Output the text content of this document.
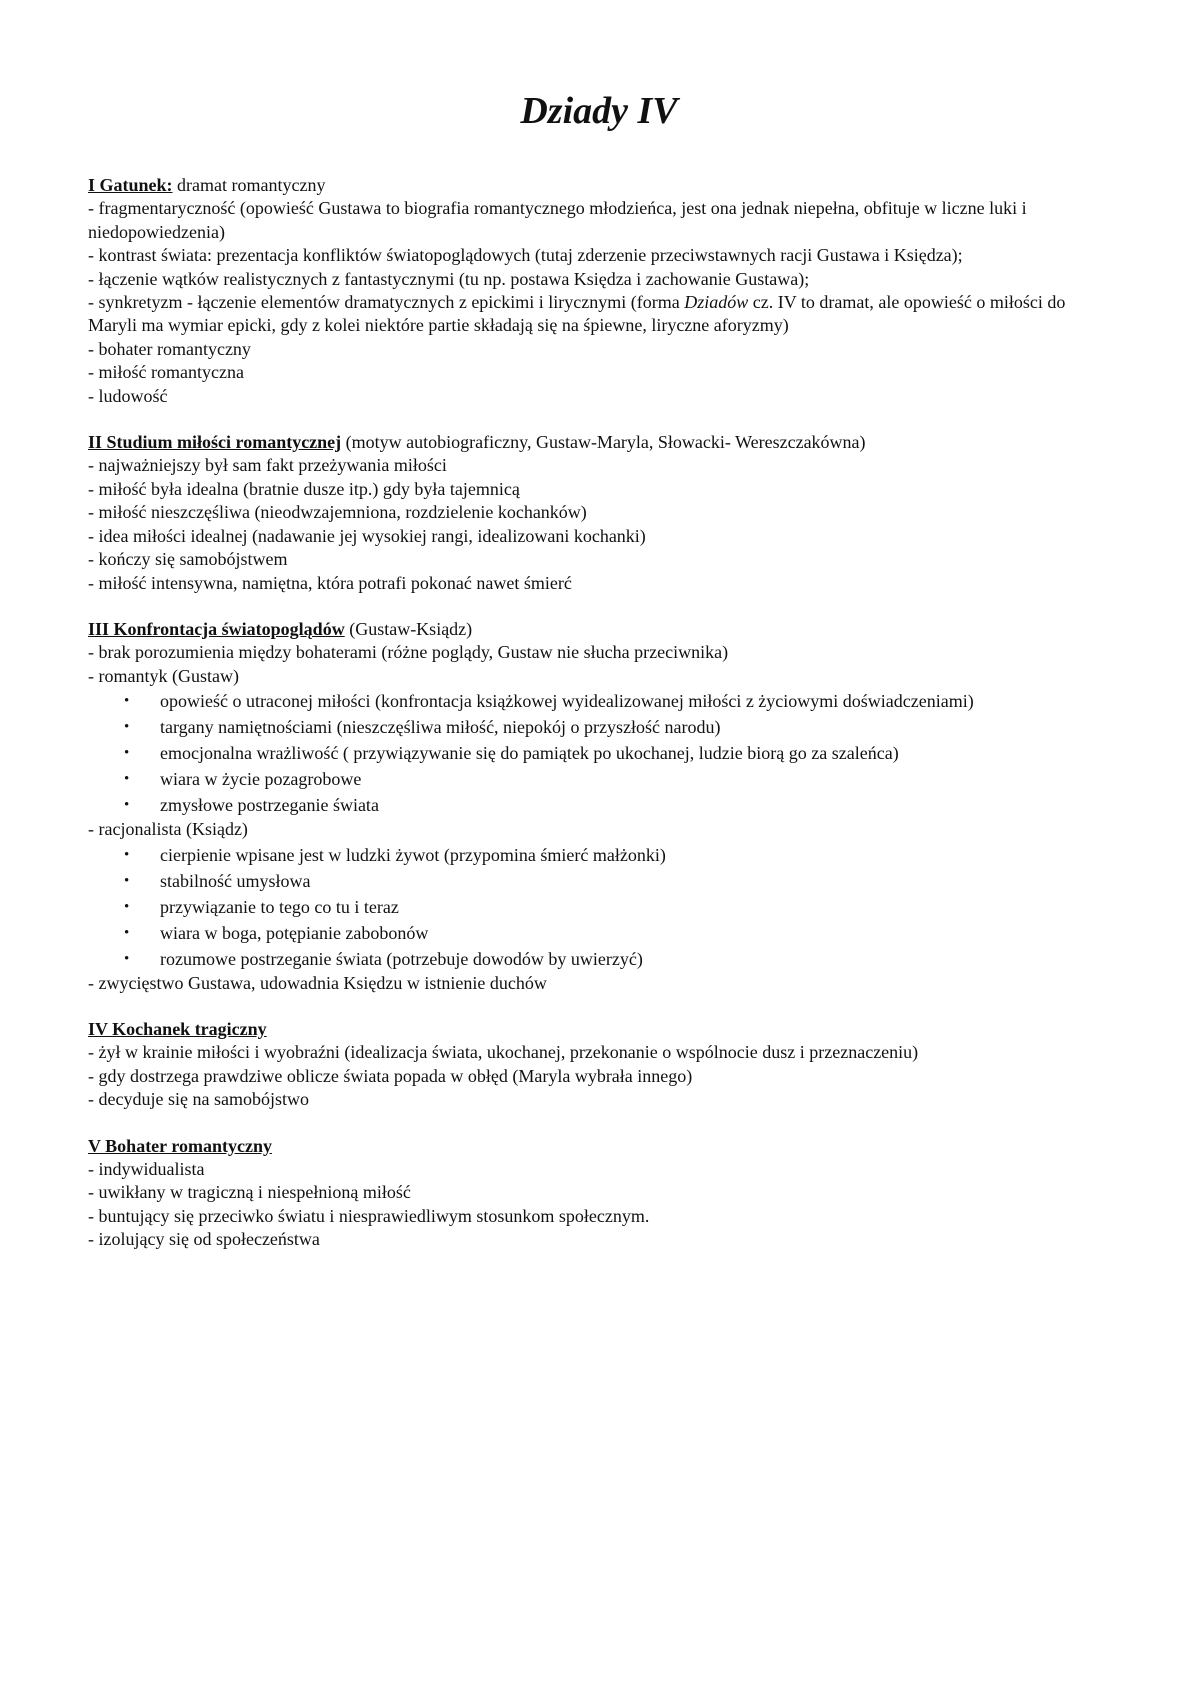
Dziady IV

I Gatunek: dramat romantyczny

- fragmentaryczność (opowieść Gustawa to biografia romantycznego młodzieńca, jest ona jednak niepełna, obfituje w liczne luki i niedopowiedzenia)

- kontrast świata: prezentacja konfliktów światopoglądowych (tutaj zderzenie przeciwstawnych racji Gustawa i Księdza);

- łączenie wątków realistycznych z fantastycznymi (tu np. postawa Księdza i zachowanie Gustawa);

- synkretyzm - łączenie elementów dramatycznych z epickimi i lirycznymi (forma Dziadów cz. IV to dramat, ale opowieść o miłości do Maryli ma wymiar epicki, gdy z kolei niektóre partie składają się na śpiewne, liryczne aforyzmy)

- bohater romantyczny

- miłość romantyczna

- ludowość

II Studium miłości romantycznej (motyw autobiograficzny, Gustaw-Maryla, Słowacki- Wereszczakówna)

- najważniejszy był sam fakt przeżywania miłości

- miłość była idealna (bratnie dusze itp.) gdy była tajemnicą

- miłość nieszczęśliwa (nieodwzajemniona, rozdzielenie kochanków)

- idea miłości idealnej (nadawanie jej wysokiej rangi, idealizowani kochanki)

- kończy się samobójstwem

- miłość intensywna, namiętna, która potrafi pokonać nawet śmierć

III Konfrontacja światopoglądów (Gustaw-Ksiądz)

- brak porozumienia między bohaterami (różne poglądy, Gustaw nie słucha przeciwnika)

- romantyk (Gustaw)

• opowieść o utraconej miłości (konfrontacja książkowej wyidealizowanej miłości z życiowymi doświadczeniami)
• targany namiętnościami (nieszczęśliwa miłość, niepokój o przyszłość narodu)
• emocjonalna wrażliwość ( przywiązywanie się do pamiątek po ukochanej, ludzie biorą go za szaleńca)
• wiara w życie pozagrobowe
• zmysłowe postrzeganie świata

- racjonalista (Ksiądz)

• cierpienie wpisane jest w ludzki żywot (przypomina śmierć małżonki)
• stabilność umysłowa
• przywiązanie to tego co tu i teraz
• wiara w boga, potępianie zabobonów
• rozumowe postrzeganie świata (potrzebuje dowodów by uwierzyć)

- zwycięstwo Gustawa, udowadnia Księdzu w istnienie duchów

IV Kochanek tragiczny

- żył w krainie miłości i wyobraźni (idealizacja świata, ukochanej, przekonanie o wspólnocie dusz i przeznaczeniu)

- gdy dostrzega prawdziwe oblicze świata popada w obłęd (Maryla wybrała innego)

- decyduje się na samobójstwo

V Bohater romantyczny

- indywidualista

- uwikłany w tragiczną i niespełnioną miłość

- buntujący się przeciwko światu i niesprawiedliwym stosunkom społecznym.

- izolujący się od społeczeństwa
